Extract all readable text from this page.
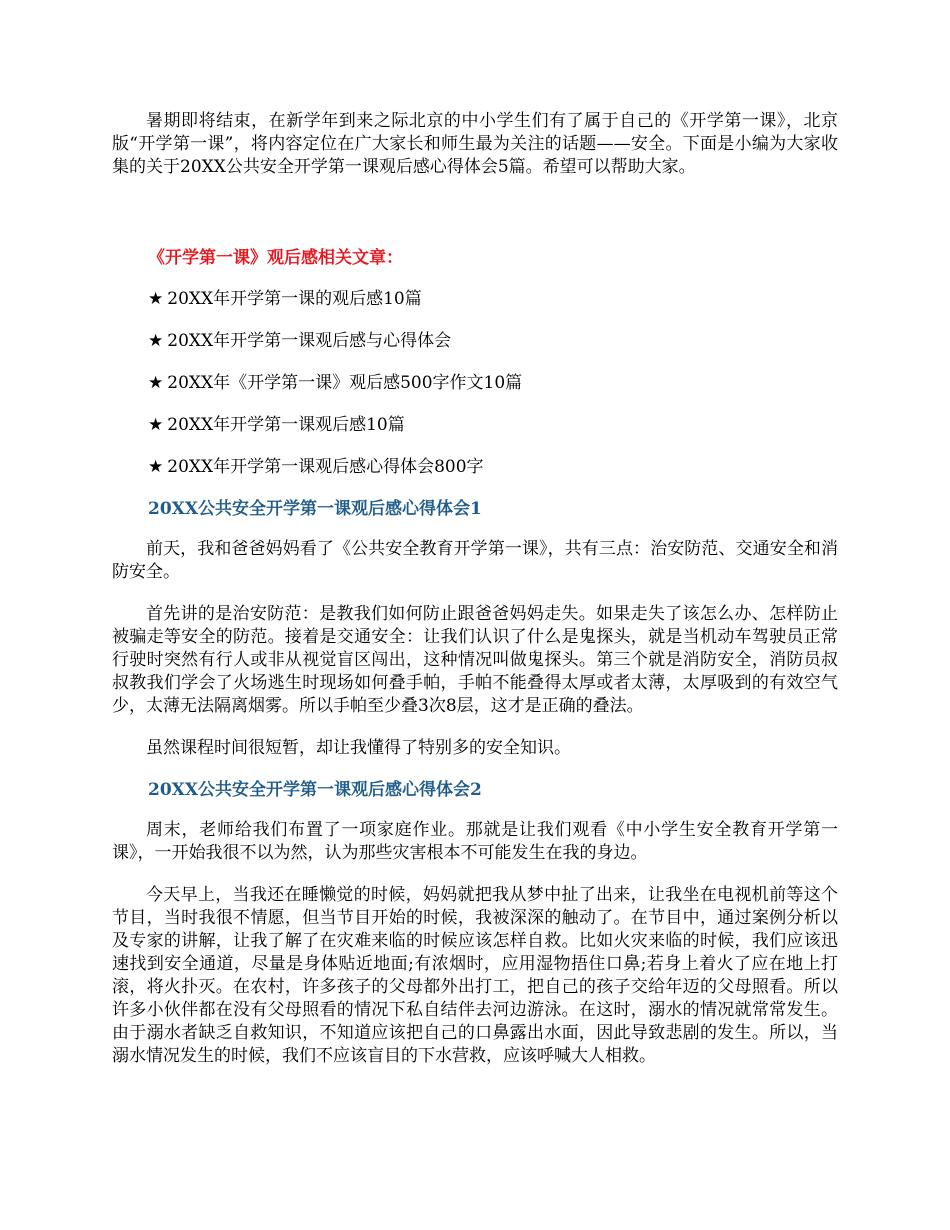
暑期即将结束，在新学年到来之际北京的中小学生们有了属于自己的《开学第一课》，北京版“开学第一课”，将内容定位在广大家长和师生最为关注的话题——安全。下面是小编为大家收集的关于20XX公共安全开学第一课观后感心得体会5篇。希望可以帮助大家。

《开学第一课》观后感相关文章：
★ 20XX年开学第一课的观后感10篇
★ 20XX年开学第一课观后感与心得体会
★ 20XX年《开学第一课》观后感500字作文10篇
★ 20XX年开学第一课观后感10篇
★ 20XX年开学第一课观后感心得体会800字
20XX公共安全开学第一课观后感心得体会1

前天，我和爸爸妈妈看了《公共安全教育开学第一课》，共有三点：治安防范、交通安全和消防安全。

首先讲的是治安防范：是教我们如何防止跟爸爸妈妈走失。如果走失了该怎么办、怎样防止被骗走等安全的防范。接着是交通安全：让我们认识了什么是鬼探头，就是当机动车驾驶员正常行驶时突然有行人或非从视觉盲区闯出，这种情况叫做鬼探头。第三个就是消防安全，消防员叔叔教我们学会了火场逃生时现场如何叠手帕，手帕不能叠得太厚或者太薄，太厚吸到的有效空气少，太薄无法隔离烟雾。所以手帕至少叠3次8层，这才是正确的叠法。

虽然课程时间很短暂，却让我懂得了特别多的安全知识。

20XX公共安全开学第一课观后感心得体会2

周末，老师给我们布置了一项家庭作业。那就是让我们观看《中小学生安全教育开学第一课》，一开始我很不以为然，认为那些灾害根本不可能发生在我的身边。

今天早上，当我还在睡懒觉的时候，妈妈就把我从梦中扯了出来，让我坐在电视机前等这个节目，当时我很不情愿，但当节目开始的时候，我被深深的触动了。在节目中，通过案例分析以及专家的讲解，让我了解了在灾难来临的时候应该怎样自救。比如火灾来临的时候，我们应该迅速找到安全通道，尽量是身体贴近地面;有浓烟时，应用湿物捂住口鼻;若身上着火了应在地上打滚，将火扑灭。在农村，许多孩子的父母都外出打工，把自己的孩子交给年迈的父母照看。所以许多小伙伴都在没有父母照看的情况下私自结伴去河边游泳。在这时，溺水的情况就常常发生。由于溺水者缺乏自救知识，不知道应该把自己的口鼻露出水面，因此导致悲剧的发生。所以，当溺水情况发生的时候，我们不应该盲目的下水营救，应该呼喊大人相救。
